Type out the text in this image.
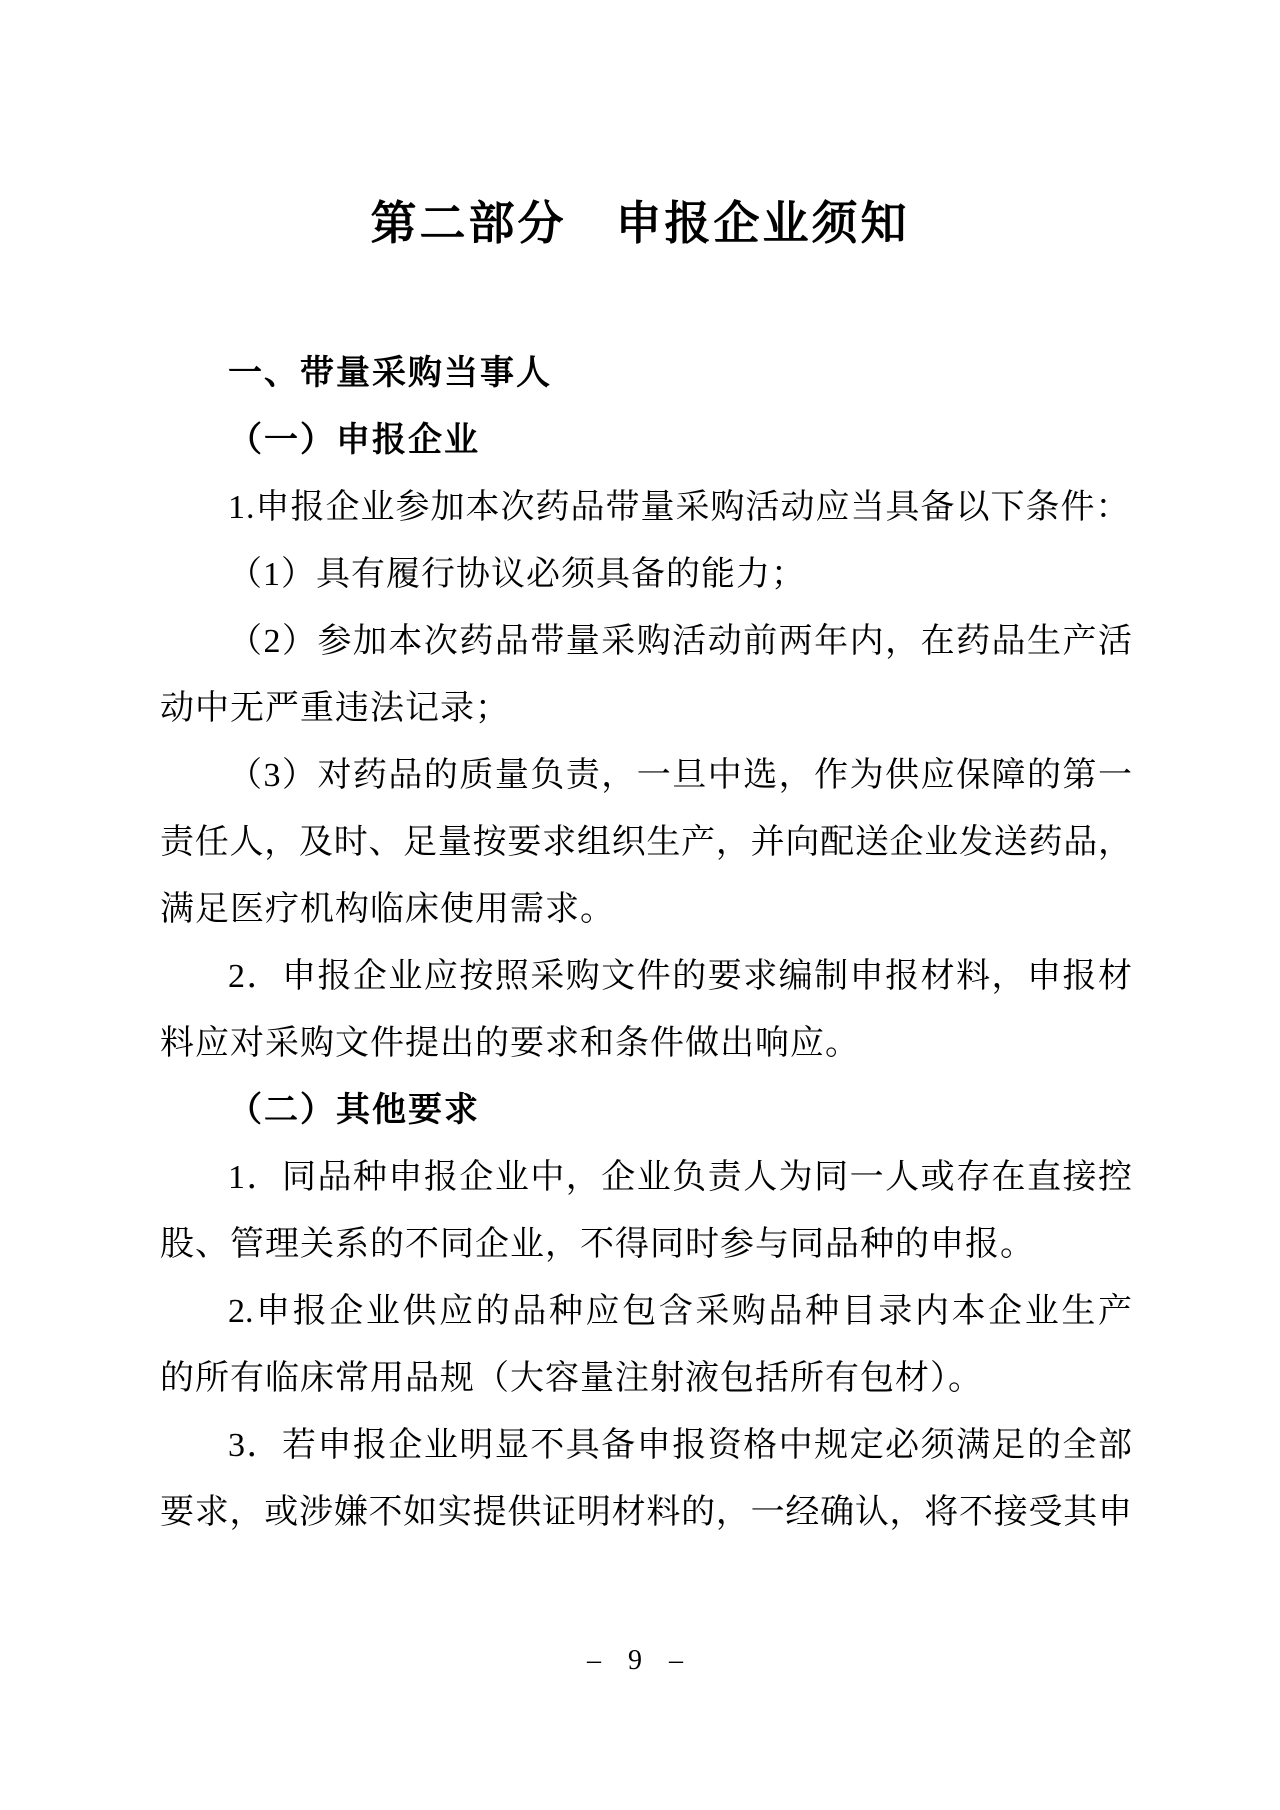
第二部分　申报企业须知
一、带量采购当事人
（一）申报企业
1.申报企业参加本次药品带量采购活动应当具备以下条件：
（1）具有履行协议必须具备的能力；
（2）参加本次药品带量采购活动前两年内，在药品生产活
动中无严重违法记录；
（3）对药品的质量负责，一旦中选，作为供应保障的第一
责任人，及时、足量按要求组织生产，并向配送企业发送药品，
满足医疗机构临床使用需求。
2．申报企业应按照采购文件的要求编制申报材料，申报材
料应对采购文件提出的要求和条件做出响应。
（二）其他要求
1．同品种申报企业中，企业负责人为同一人或存在直接控
股、管理关系的不同企业，不得同时参与同品种的申报。
2.申报企业供应的品种应包含采购品种目录内本企业生产
的所有临床常用品规（大容量注射液包括所有包材）。
3．若申报企业明显不具备申报资格中规定必须满足的全部
要求，或涉嫌不如实提供证明材料的，一经确认，将不接受其申
– 9 –
